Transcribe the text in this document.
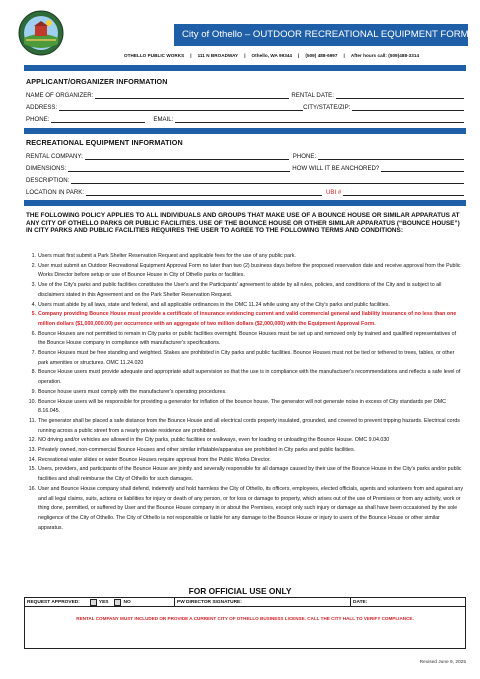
City of Othello – OUTDOOR RECREATIONAL EQUIPMENT FORM
OTHELLO PUBLIC WORKS | 111 N BROADWAY | Othello, WA 99344 | (509) 488-6997 | After hours call: (509)488-3314
APPLICANT/ORGANIZER INFORMATION
NAME OF ORGANIZER:	RENTAL DATE:
ADDRESS:	CITY/STATE/ZIP:
PHONE:	EMAIL:
RECREATIONAL EQUIPMENT INFORMATION
RENTAL COMPANY:	PHONE:
DIMENSIONS:	HOW WILL IT BE ANCHORED?
DESCRIPTION:
LOCATION IN PARK:	UBI #
THE FOLLOWING POLICY APPLIES TO ALL INDIVIDUALS AND GROUPS THAT MAKE USE OF A BOUNCE HOUSE OR SIMILAR APPARATUS AT ANY CITY OF OTHELLO PARKS OR PUBLIC FACILITIES. USE OF THE BOUNCE HOUSE OR OTHER SIMILAR APPARATUS (“BOUNCE HOUSE”) IN CITY PARKS AND PUBLIC FACILITIES REQUIRES THE USER TO AGREE TO THE FOLLOWING TERMS AND CONDITIONS:
1. Users must first submit a Park Shelter Reservation Request and applicable fees for the use of any public park.
2. User must submit an Outdoor Recreational Equipment Approval Form no later than two (2) business days before the proposed reservation date and receive approval from the Public Works Director before setup or use of Bounce House in City of Othello parks or facilities.
3. Use of the City's parks and public facilities constitutes the User's and the Participants' agreement to abide by all rules, policies, and conditions of the City and is subject to all disclaimers stated in this Agreement and on the Park Shelter Reservation Request.
4. Users must abide by all laws, state and federal, and all applicable ordinances in the OMC 11.24 while using any of the City's parks and public facilities.
5. Company providing Bounce House must provide a certificate of insurance evidencing current and valid commercial general and liability insurance of no less than one million dollars ($1,000,000.00) per occurrence with an aggregate of two million dollars ($2,000,000) with the Equipment Approval Form.
6. Bounce Houses are not permitted to remain in City parks or public facilities overnight. Bounce Houses must be set up and removed only by trained and qualified representatives of the Bounce House company in compliance with manufacturer's specifications.
7. Bounce Houses must be free standing and weighted. Stakes are prohibited in City parks and public facilities. Bounce Houses must not be tied or tethered to trees, tables, or other park amenities or structures. OMC 11.24.020
8. Bounce House users must provide adequate and appropriate adult supervision so that the use is in compliance with the manufacturer's recommendations and reflects a safe level of operation.
9. Bounce house users must comply with the manufacturer's operating procedures.
10. Bounce House users will be responsible for providing a generator for inflation of the bounce house. The generator will not generate noise in excess of City standards per OMC 8.16.045.
11. The generator shall be placed a safe distance from the Bounce House and all electrical cords properly insulated, grounded, and covered to prevent tripping hazards. Electrical cords running across a public street from a nearly private residence are prohibited.
12. NO driving and/or vehicles are allowed in the City parks, public facilities or walkways, even for loading or unloading the Bounce House. OMC 9.04.030
13. Privately owned, non-commercial Bounce Houses and other similar inflatable/apparatus are prohibited in City parks and public facilities.
14. Recreational water slides or water Bounce Houses require approval from the Public Works Director.
15. Users, providers, and participants of the Bounce House are jointly and severally responsible for all damage caused by their use of the Bounce House in the City's parks and/or public facilities and shall reimburse the City of Othello for such damages.
16. User and Bounce House company shall defend, indemnify and hold harmless the City of Othello, its officers, employees, elected officials, agents and volunteers from and against any and all legal claims, suits, actions or liabilities for injury or death of any person, or for loss or damage to property, which arises out of the use of Premises or from any activity, work or thing done, permitted, or suffered by User and the Bounce House company in or about the Premises, except only such injury or damage as shall have been occasioned by the sole negligence of the City of Othello. The City of Othello is not responsible or liable for any damage to the Bounce House or injury to users of the Bounce House or other similar apparatus.
FOR OFFICIAL USE ONLY
REQUEST APPROVED:	YES	NO	PW DIRECTOR SIGNATURE:	DATE:
RENTAL COMPANY MUST INCLUDED OR PROVIDE A CURRENT CITY OF OTHELLO BUSINESS LICENSE. CALL THE CITY HALL TO VERIFY COMPLIANCE.
Revised June 9, 2025
